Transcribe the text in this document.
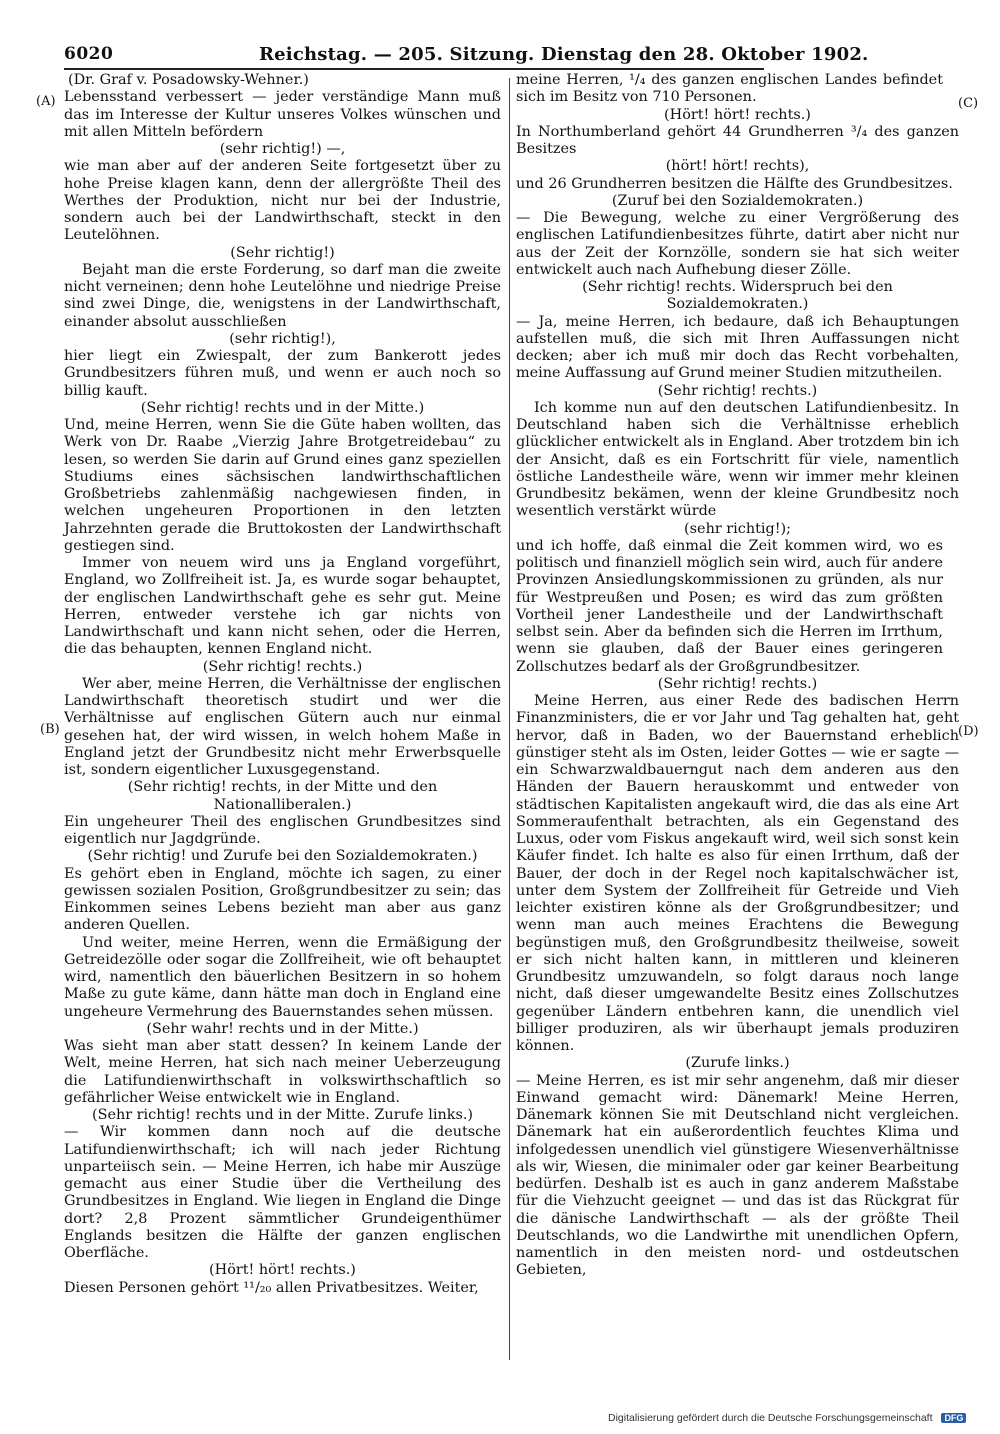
6020	Reichstag. — 205. Sitzung. Dienstag den 28. Oktober 1902.
(A)
(B)
(C)
(D)

(Dr. Graf v. Posadowsky-Wehner.)

Lebensstand verbessert — jeder verständige Mann muß das im Interesse der Kultur unseres Volkes wünschen und mit allen Mitteln befördern

(sehr richtig!) —,

wie man aber auf der anderen Seite fortgesetzt über zu hohe Preise klagen kann, denn der allergrößte Theil des Werthes der Produktion, nicht nur bei der Industrie, sondern auch bei der Landwirthschaft, steckt in den Leutelöhnen.

(Sehr richtig!)

Bejaht man die erste Forderung, so darf man die zweite nicht verneinen; denn hohe Leutelöhne und niedrige Preise sind zwei Dinge, die, wenigstens in der Landwirthschaft, einander absolut ausschließen

(sehr richtig!),

hier liegt ein Zwiespalt, der zum Bankerott jedes Grundbesitzers führen muß, und wenn er auch noch so billig kauft.

(Sehr richtig! rechts und in der Mitte.)

Und, meine Herren, wenn Sie die Güte haben wollten, das Werk von Dr. Raabe „Vierzig Jahre Brotgetreidebau“ zu lesen, so werden Sie darin auf Grund eines ganz speziellen Studiums eines sächsischen landwirthschaftlichen Großbetriebs zahlenmäßig nachgewiesen finden, in welchen ungeheuren Proportionen in den letzten Jahrzehnten gerade die Bruttokosten der Landwirthschaft gestiegen sind.

Immer von neuem wird uns ja England vorgeführt, England, wo Zollfreiheit ist. Ja, es wurde sogar behauptet, der englischen Landwirthschaft gehe es sehr gut. Meine Herren, entweder verstehe ich gar nichts von Landwirthschaft und kann nicht sehen, oder die Herren, die das behaupten, kennen England nicht.

(Sehr richtig! rechts.)

Wer aber, meine Herren, die Verhältnisse der englischen Landwirthschaft theoretisch studirt und wer die Verhältnisse auf englischen Gütern auch nur einmal gesehen hat, der wird wissen, in welch hohem Maße in England jetzt der Grundbesitz nicht mehr Erwerbsquelle ist, sondern eigentlicher Luxusgegenstand.

(Sehr richtig! rechts, in der Mitte und den

Nationalliberalen.)

Ein ungeheurer Theil des englischen Grundbesitzes sind eigentlich nur Jagdgründe.

(Sehr richtig! und Zurufe bei den Sozialdemokraten.)

Es gehört eben in England, möchte ich sagen, zu einer gewissen sozialen Position, Großgrundbesitzer zu sein; das Einkommen seines Lebens bezieht man aber aus ganz anderen Quellen.

Und weiter, meine Herren, wenn die Ermäßigung der Getreidezölle oder sogar die Zollfreiheit, wie oft behauptet wird, namentlich den bäuerlichen Besitzern in so hohem Maße zu gute käme, dann hätte man doch in England eine ungeheure Vermehrung des Bauernstandes sehen müssen.

(Sehr wahr! rechts und in der Mitte.)

Was sieht man aber statt dessen? In keinem Lande der Welt, meine Herren, hat sich nach meiner Ueberzeugung die Latifundienwirthschaft in volkswirthschaftlich so gefährlicher Weise entwickelt wie in England.

(Sehr richtig! rechts und in der Mitte. Zurufe links.)

— Wir kommen dann noch auf die deutsche Latifundienwirthschaft; ich will nach jeder Richtung unparteiisch sein. — Meine Herren, ich habe mir Auszüge gemacht aus einer Studie über die Vertheilung des Grundbesitzes in England. Wie liegen in England die Dinge dort? 2,8 Prozent sämmtlicher Grundeigenthümer Englands besitzen die Hälfte der ganzen englischen Oberfläche.

(Hört! hört! rechts.)

Diesen Personen gehört ¹¹/₂₀ allen Privatbesitzes. Weiter,

meine Herren, ¹/₄ des ganzen englischen Landes befindet sich im Besitz von 710 Personen.

(Hört! hört! rechts.)

In Northumberland gehört 44 Grundherren ³/₄ des ganzen Besitzes

(hört! hört! rechts),

und 26 Grundherren besitzen die Hälfte des Grundbesitzes.

(Zuruf bei den Sozialdemokraten.)

— Die Bewegung, welche zu einer Vergrößerung des englischen Latifundienbesitzes führte, datirt aber nicht nur aus der Zeit der Kornzölle, sondern sie hat sich weiter entwickelt auch nach Aufhebung dieser Zölle.

(Sehr richtig! rechts. Widerspruch bei den

Sozialdemokraten.)

— Ja, meine Herren, ich bedaure, daß ich Behauptungen aufstellen muß, die sich mit Ihren Auffassungen nicht decken; aber ich muß mir doch das Recht vorbehalten, meine Auffassung auf Grund meiner Studien mitzutheilen.

(Sehr richtig! rechts.)

Ich komme nun auf den deutschen Latifundienbesitz. In Deutschland haben sich die Verhältnisse erheblich glücklicher entwickelt als in England. Aber trotzdem bin ich der Ansicht, daß es ein Fortschritt für viele, namentlich östliche Landestheile wäre, wenn wir immer mehr kleinen Grundbesitz bekämen, wenn der kleine Grundbesitz noch wesentlich verstärkt würde

(sehr richtig!);

und ich hoffe, daß einmal die Zeit kommen wird, wo es politisch und finanziell möglich sein wird, auch für andere Provinzen Ansiedlungskommissionen zu gründen, als nur für Westpreußen und Posen; es wird das zum größten Vortheil jener Landestheile und der Landwirthschaft selbst sein. Aber da befinden sich die Herren im Irrthum, wenn sie glauben, daß der Bauer eines geringeren Zollschutzes bedarf als der Großgrundbesitzer.

(Sehr richtig! rechts.)

Meine Herren, aus einer Rede des badischen Herrn Finanzministers, die er vor Jahr und Tag gehalten hat, geht hervor, daß in Baden, wo der Bauernstand erheblich günstiger steht als im Osten, leider Gottes — wie er sagte — ein Schwarzwaldbauerngut nach dem anderen aus den Händen der Bauern herauskommt und entweder von städtischen Kapitalisten angekauft wird, die das als eine Art Sommeraufenthalt betrachten, als ein Gegenstand des Luxus, oder vom Fiskus angekauft wird, weil sich sonst kein Käufer findet. Ich halte es also für einen Irrthum, daß der Bauer, der doch in der Regel noch kapitalschwächer ist, unter dem System der Zollfreiheit für Getreide und Vieh leichter existiren könne als der Großgrundbesitzer; und wenn man auch meines Erachtens die Bewegung begünstigen muß, den Großgrundbesitz theilweise, soweit er sich nicht halten kann, in mittleren und kleineren Grundbesitz umzuwandeln, so folgt daraus noch lange nicht, daß dieser umgewandelte Besitz eines Zollschutzes gegenüber Ländern entbehren kann, die unendlich viel billiger produziren, als wir überhaupt jemals produziren können.

(Zurufe links.)

— Meine Herren, es ist mir sehr angenehm, daß mir dieser Einwand gemacht wird: Dänemark! Meine Herren, Dänemark können Sie mit Deutschland nicht vergleichen. Dänemark hat ein außerordentlich feuchtes Klima und infolgedessen unendlich viel günstigere Wiesenverhältnisse als wir, Wiesen, die minimaler oder gar keiner Bearbeitung bedürfen. Deshalb ist es auch in ganz anderem Maßstabe für die Viehzucht geeignet — und das ist das Rückgrat für die dänische Landwirthschaft — als der größte Theil Deutschlands, wo die Landwirthe mit unendlichen Opfern, namentlich in den meisten nord- und ostdeutschen Gebieten,

Digitalisierung gefördert durch die Deutsche Forschungsgemeinschaft DFG
